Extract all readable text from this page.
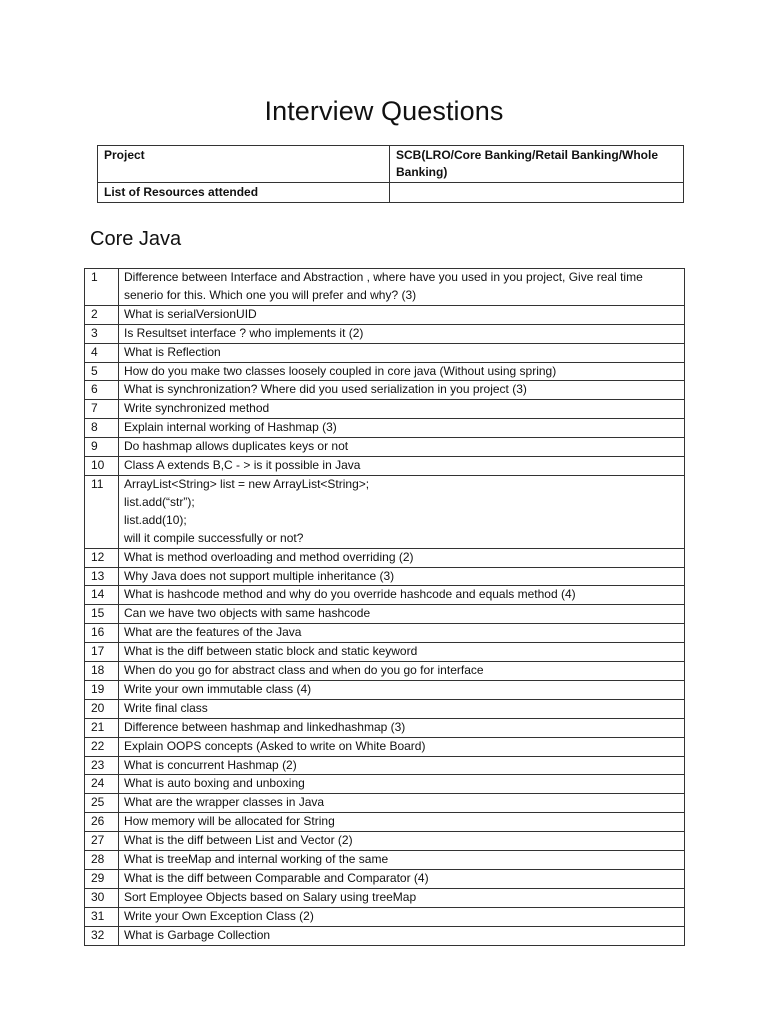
Interview Questions
Project	SCB(LRO/Core Banking/Retail Banking/Whole Banking)
List of Resources attended	
Core Java
1	Difference between Interface and Abstraction , where have you used in you project, Give real time senerio for this. Which one you will prefer and why? (3)
2	What is serialVersionUID
3	Is Resultset interface ? who implements it (2)
4	What is Reflection
5	How do you make two classes loosely coupled in core java (Without using spring)
6	What is synchronization? Where did you used serialization in you project (3)
7	Write synchronized method
8	Explain internal working of Hashmap (3)
9	Do hashmap allows duplicates keys or not
10	Class A extends B,C - > is it possible in Java
11	ArrayList<String> list = new ArrayList<String>;
list.add(“str”);
list.add(10);
will it compile successfully or not?
12	What is method overloading and method overriding (2)
13	Why Java does not support multiple inheritance (3)
14	What is hashcode method and why do you override hashcode and equals method (4)
15	Can we have two objects with same hashcode
16	What are the features of the Java
17	What is the diff between static block and static keyword
18	When do you go for abstract class and when do you go for interface
19	Write your own immutable class (4)
20	Write final class
21	Difference between hashmap and linkedhashmap (3)
22	Explain OOPS concepts (Asked to write on White Board)
23	What is concurrent Hashmap (2)
24	What is auto boxing and unboxing
25	What are the wrapper classes in Java
26	How memory will be allocated for String
27	What is the diff between List and Vector (2)
28	What is treeMap and internal working of the same
29	What is the diff between Comparable and Comparator (4)
30	Sort Employee Objects based on Salary using treeMap
31	Write your Own Exception Class (2)
32	What is Garbage Collection
